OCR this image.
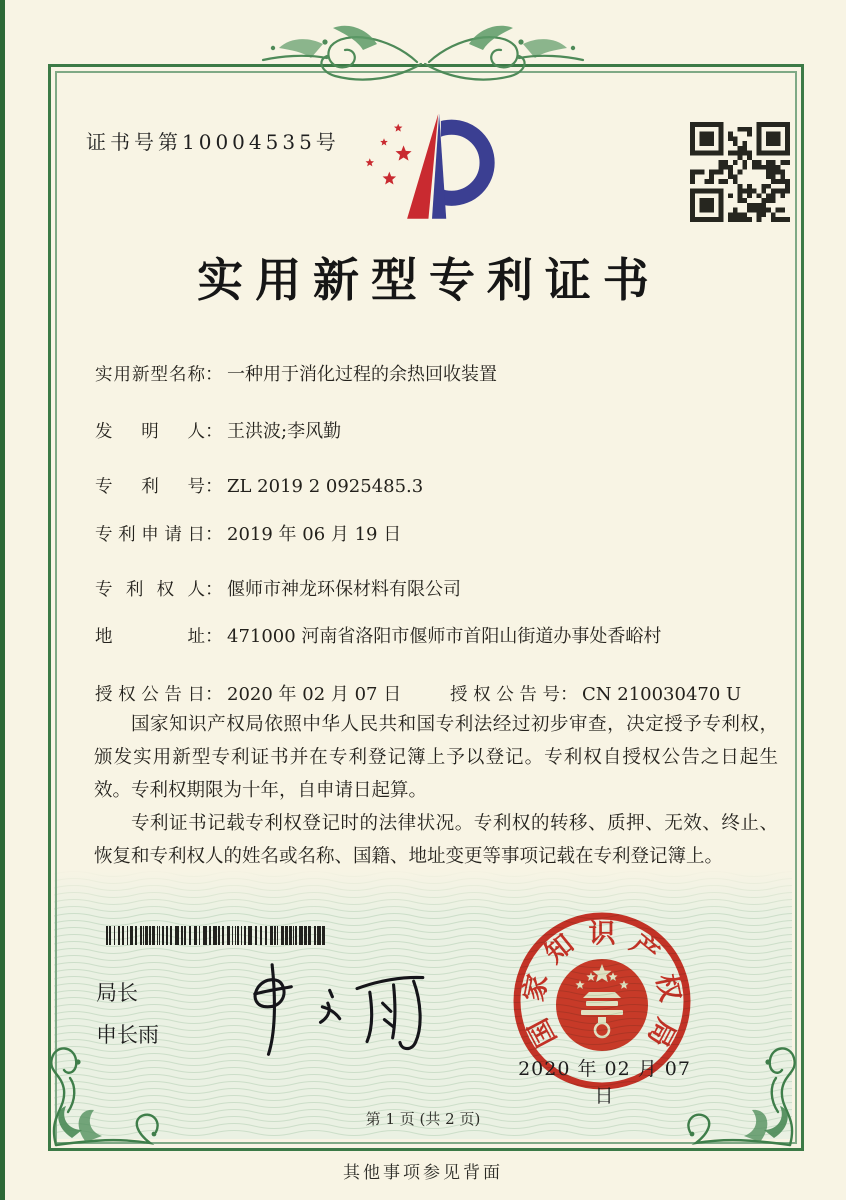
证书号第10004535号
实用新型专利证书
实用新型名称： 一种用于消化过程的余热回收装置
发明人： 王洪波;李风勤
专利号： ZL 2019 2 0925485.3
专利申请日： 2019 年 06 月 19 日
专利权人： 偃师市神龙环保材料有限公司
地址： 471000 河南省洛阳市偃师市首阳山街道办事处香峪村
授权公告日： 2020 年 02 月 07 日	授权公告号： CN 210030470 U

国家知识产权局依照中华人民共和国专利法经过初步审查，决定授予专利权，颁发实用新型专利证书并在专利登记簿上予以登记。专利权自授权公告之日起生效。专利权期限为十年，自申请日起算。

专利证书记载专利权登记时的法律状况。专利权的转移、质押、无效、终止、恢复和专利权人的姓名或名称、国籍、地址变更等事项记载在专利登记簿上。

局长
申长雨	国
家
知 识 产
权
局
2020 年 02 月 07 日
第 1 页 (共 2 页)
其他事项参见背面
